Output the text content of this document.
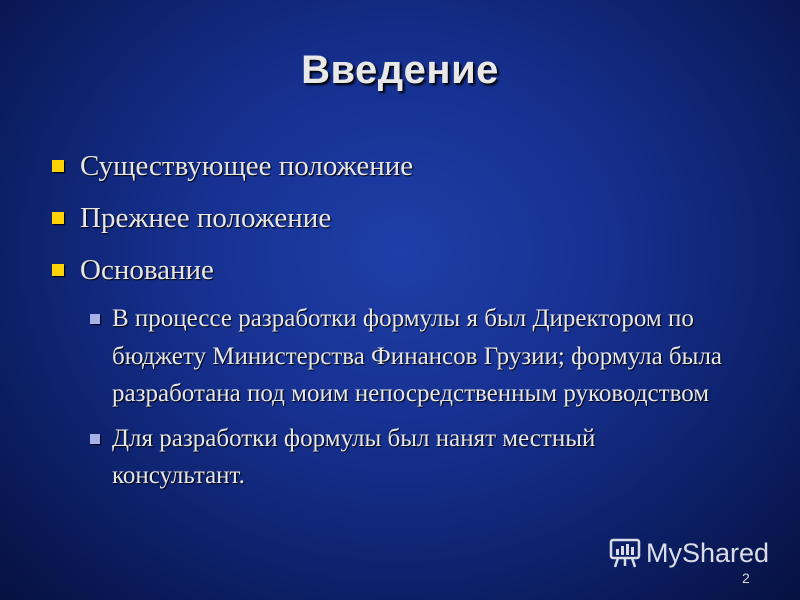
Введение
Существующее положение
Прежнее положение
Основание
В процессе разработки формулы я был Директором по бюджету Министерства Финансов Грузии; формула была разработана под моим непосредственным руководством
Для разработки формулы был нанят местный консультант.
MyShared
2
